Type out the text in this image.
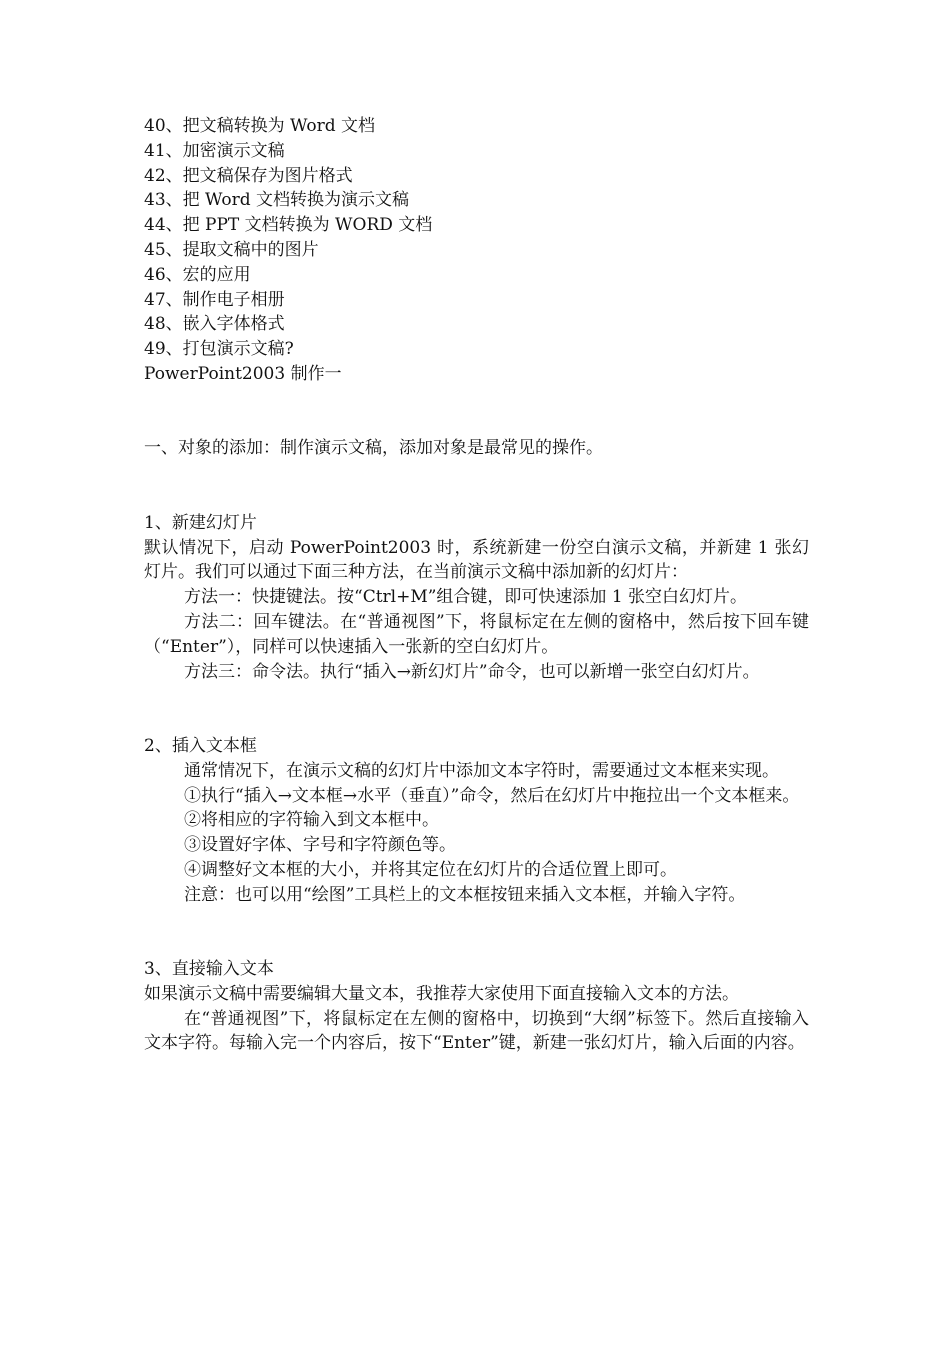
40、把文稿转换为 Word 文档
41、加密演示文稿
42、把文稿保存为图片格式
43、把 Word 文档转换为演示文稿
44、把 PPT 文档转换为 WORD 文档
45、提取文稿中的图片
46、宏的应用
47、制作电子相册
48、嵌入字体格式
49、打包演示文稿?
PowerPoint2003 制作一
一、对象的添加：制作演示文稿，添加对象是最常见的操作。
1、新建幻灯片
默认情况下，启动 PowerPoint2003 时，系统新建一份空白演示文稿，并新建 1 张幻灯片。我们可以通过下面三种方法，在当前演示文稿中添加新的幻灯片：
方法一：快捷键法。按“Ctrl+M”组合键，即可快速添加 1 张空白幻灯片。
方法二：回车键法。在“普通视图”下，将鼠标定在左侧的窗格中，然后按下回车键（“Enter”），同样可以快速插入一张新的空白幻灯片。
方法三：命令法。执行“插入→新幻灯片”命令，也可以新增一张空白幻灯片。
2、插入文本框
通常情况下，在演示文稿的幻灯片中添加文本字符时，需要通过文本框来实现。
①执行“插入→文本框→水平（垂直）”命令，然后在幻灯片中拖拉出一个文本框来。
②将相应的字符输入到文本框中。
③设置好字体、字号和字符颜色等。
④调整好文本框的大小，并将其定位在幻灯片的合适位置上即可。
注意：也可以用“绘图”工具栏上的文本框按钮来插入文本框，并输入字符。
3、直接输入文本
如果演示文稿中需要编辑大量文本，我推荐大家使用下面直接输入文本的方法。
在“普通视图”下，将鼠标定在左侧的窗格中，切换到“大纲”标签下。然后直接输入文本字符。每输入完一个内容后，按下“Enter”键，新建一张幻灯片，输入后面的内容。
